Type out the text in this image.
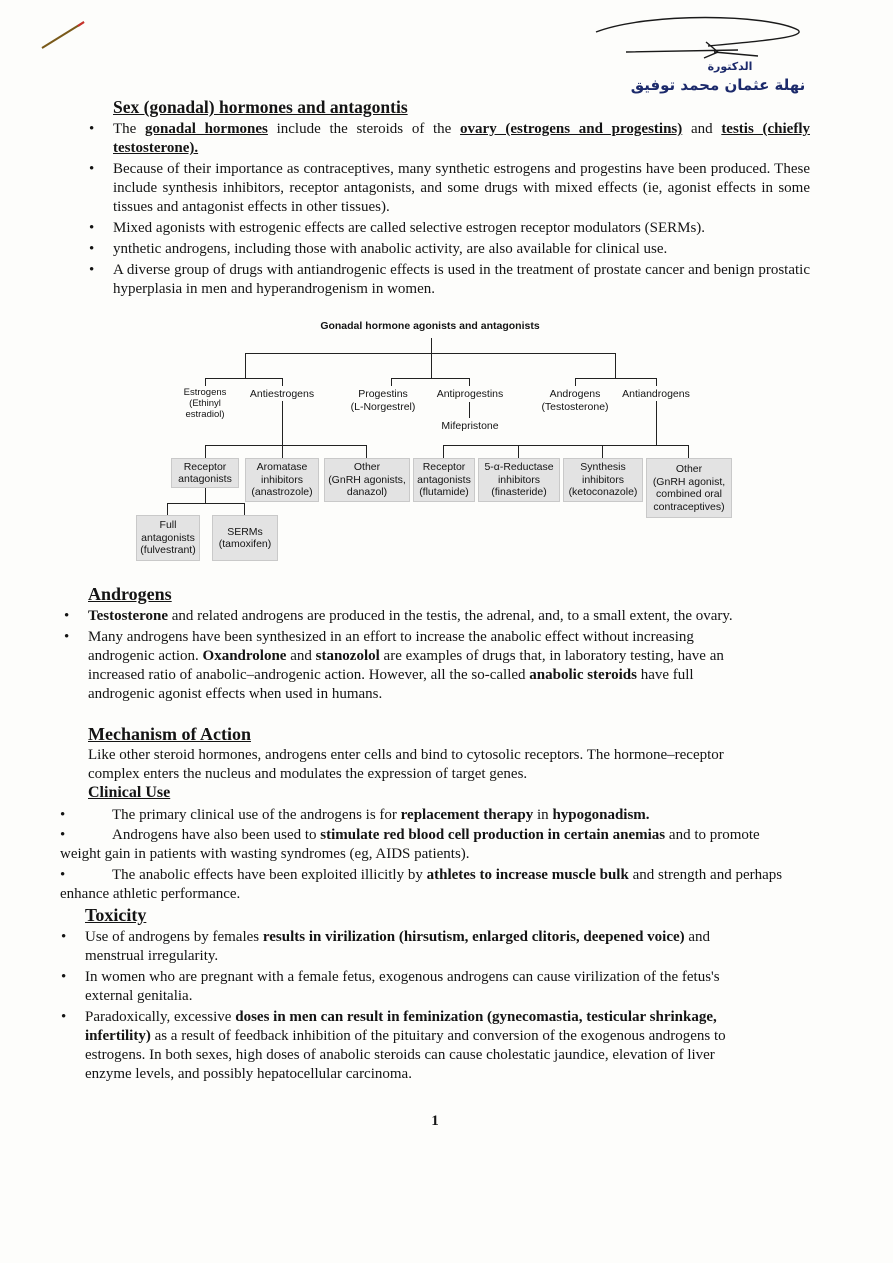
الدكتورة
نهلة عثمان محمد توفيق
Sex (gonadal) hormones and antagontis
• The gonadal hormones include the steroids of the ovary (estrogens and progestins) and testis (chiefly testosterone).
• Because of their importance as contraceptives, many synthetic estrogens and progestins have been produced. These include synthesis inhibitors, receptor antagonists, and some drugs with mixed effects (ie, agonist effects in some tissues and antagonist effects in other tissues).
• Mixed agonists with estrogenic effects are called selective estrogen receptor modulators (SERMs).
• ynthetic androgens, including those with anabolic activity, are also available for clinical use.
• A diverse group of drugs with antiandrogenic effects is used in the treatment of prostate cancer and benign prostatic hyperplasia in men and hyperandrogenism in women.
Gonadal hormone agonists and antagonists
Estrogens
(Ethinyl
estradiol)
Antiestrogens	Progestins
(L-Norgestrel)
Antiprogestins
Mifepristone
Androgens
(Testosterone)
Antiandrogens
Receptor
antagonists
Aromatase
inhibitors
(anastrozole)
Other
(GnRH agonists,
danazol)
Receptor
antagonists
(flutamide)
5-α-Reductase
inhibitors
(finasteride)
Synthesis
inhibitors
(ketoconazole)
Other
(GnRH agonist,
combined oral
contraceptives)
Full
antagonists
(fulvestrant)
SERMs
(tamoxifen)
Androgens
• Testosterone and related androgens are produced in the testis, the adrenal, and, to a small extent, the ovary.
• Many androgens have been synthesized in an effort to increase the anabolic effect without increasing androgenic action. Oxandrolone and stanozolol are examples of drugs that, in laboratory testing, have an increased ratio of anabolic–androgenic action. However, all the so-called anabolic steroids have full androgenic agonist effects when used in humans.
Mechanism of Action
Like other steroid hormones, androgens enter cells and bind to cytosolic receptors. The hormone–receptor complex enters the nucleus and modulates the expression of target genes.
Clinical Use
•	The primary clinical use of the androgens is for replacement therapy in hypogonadism.
•	Androgens have also been used to stimulate red blood cell production in certain anemias and to promote weight gain in patients with wasting syndromes (eg, AIDS patients).
•	The anabolic effects have been exploited illicitly by athletes to increase muscle bulk and strength and perhaps enhance athletic performance.
Toxicity
• Use of androgens by females results in virilization (hirsutism, enlarged clitoris, deepened voice) and menstrual irregularity.
• In women who are pregnant with a female fetus, exogenous androgens can cause virilization of the fetus's external genitalia.
• Paradoxically, excessive doses in men can result in feminization (gynecomastia, testicular shrinkage, infertility) as a result of feedback inhibition of the pituitary and conversion of the exogenous androgens to estrogens. In both sexes, high doses of anabolic steroids can cause cholestatic jaundice, elevation of liver enzyme levels, and possibly hepatocellular carcinoma.
1
